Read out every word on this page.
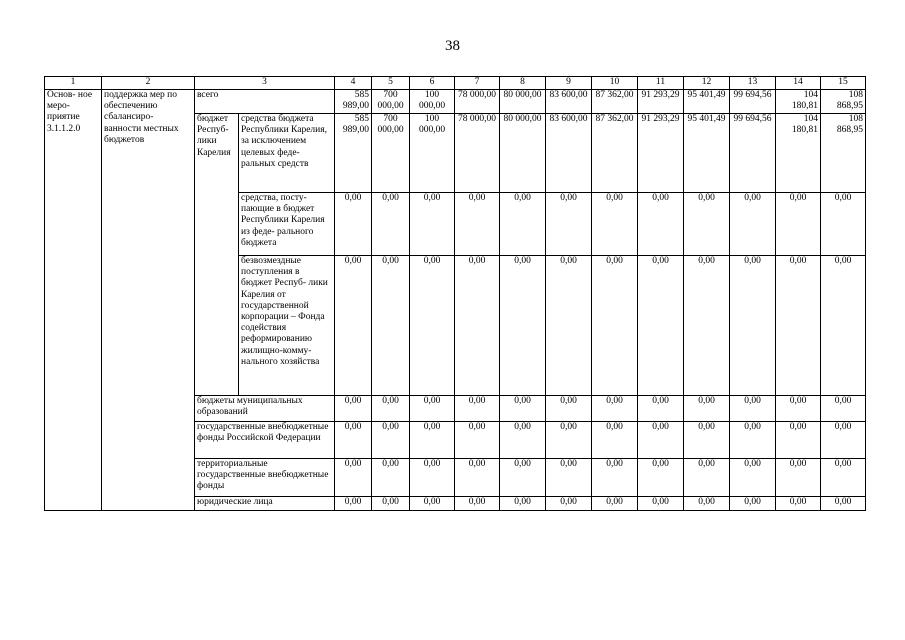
38
1	2	3		4	5	6	7	8	9	10	11	12	13	14	15
Основ- ное меро- приятие 3.1.1.2.0	поддержка мер по обеспечению сбалансиро- ванности местных бюджетов	всего		585 989,00	700 000,00	100 000,00	78 000,00	80 000,00	83 600,00	87 362,00	91 293,29	95 401,49	99 694,56	104 180,81	108 868,95
		бюджет Респуб- лики Карелия	средства бюджета Республики Карелия, за исключением целевых феде- ральных средств	585 989,00	700 000,00	100 000,00	78 000,00	80 000,00	83 600,00	87 362,00	91 293,29	95 401,49	99 694,56	104 180,81	108 868,95
			средства, посту- пающие в бюджет Республики Карелия из феде- рального бюджета	0,00	0,00	0,00	0,00	0,00	0,00	0,00	0,00	0,00	0,00	0,00	0,00
			безвозмездные поступления в бюджет Респуб- лики Карелия от государственной корпорации – Фонда содействия реформированию жилищно-комму- нального хозяйства	0,00	0,00	0,00	0,00	0,00	0,00	0,00	0,00	0,00	0,00	0,00	0,00
		бюджеты муниципальных образований		0,00	0,00	0,00	0,00	0,00	0,00	0,00	0,00	0,00	0,00	0,00	0,00
		государственные внебюджетные фонды Российской Федерации		0,00	0,00	0,00	0,00	0,00	0,00	0,00	0,00	0,00	0,00	0,00	0,00
		территориальные государственные внебюджетные фонды		0,00	0,00	0,00	0,00	0,00	0,00	0,00	0,00	0,00	0,00	0,00	0,00
		юридические лица		0,00	0,00	0,00	0,00	0,00	0,00	0,00	0,00	0,00	0,00	0,00	0,00
